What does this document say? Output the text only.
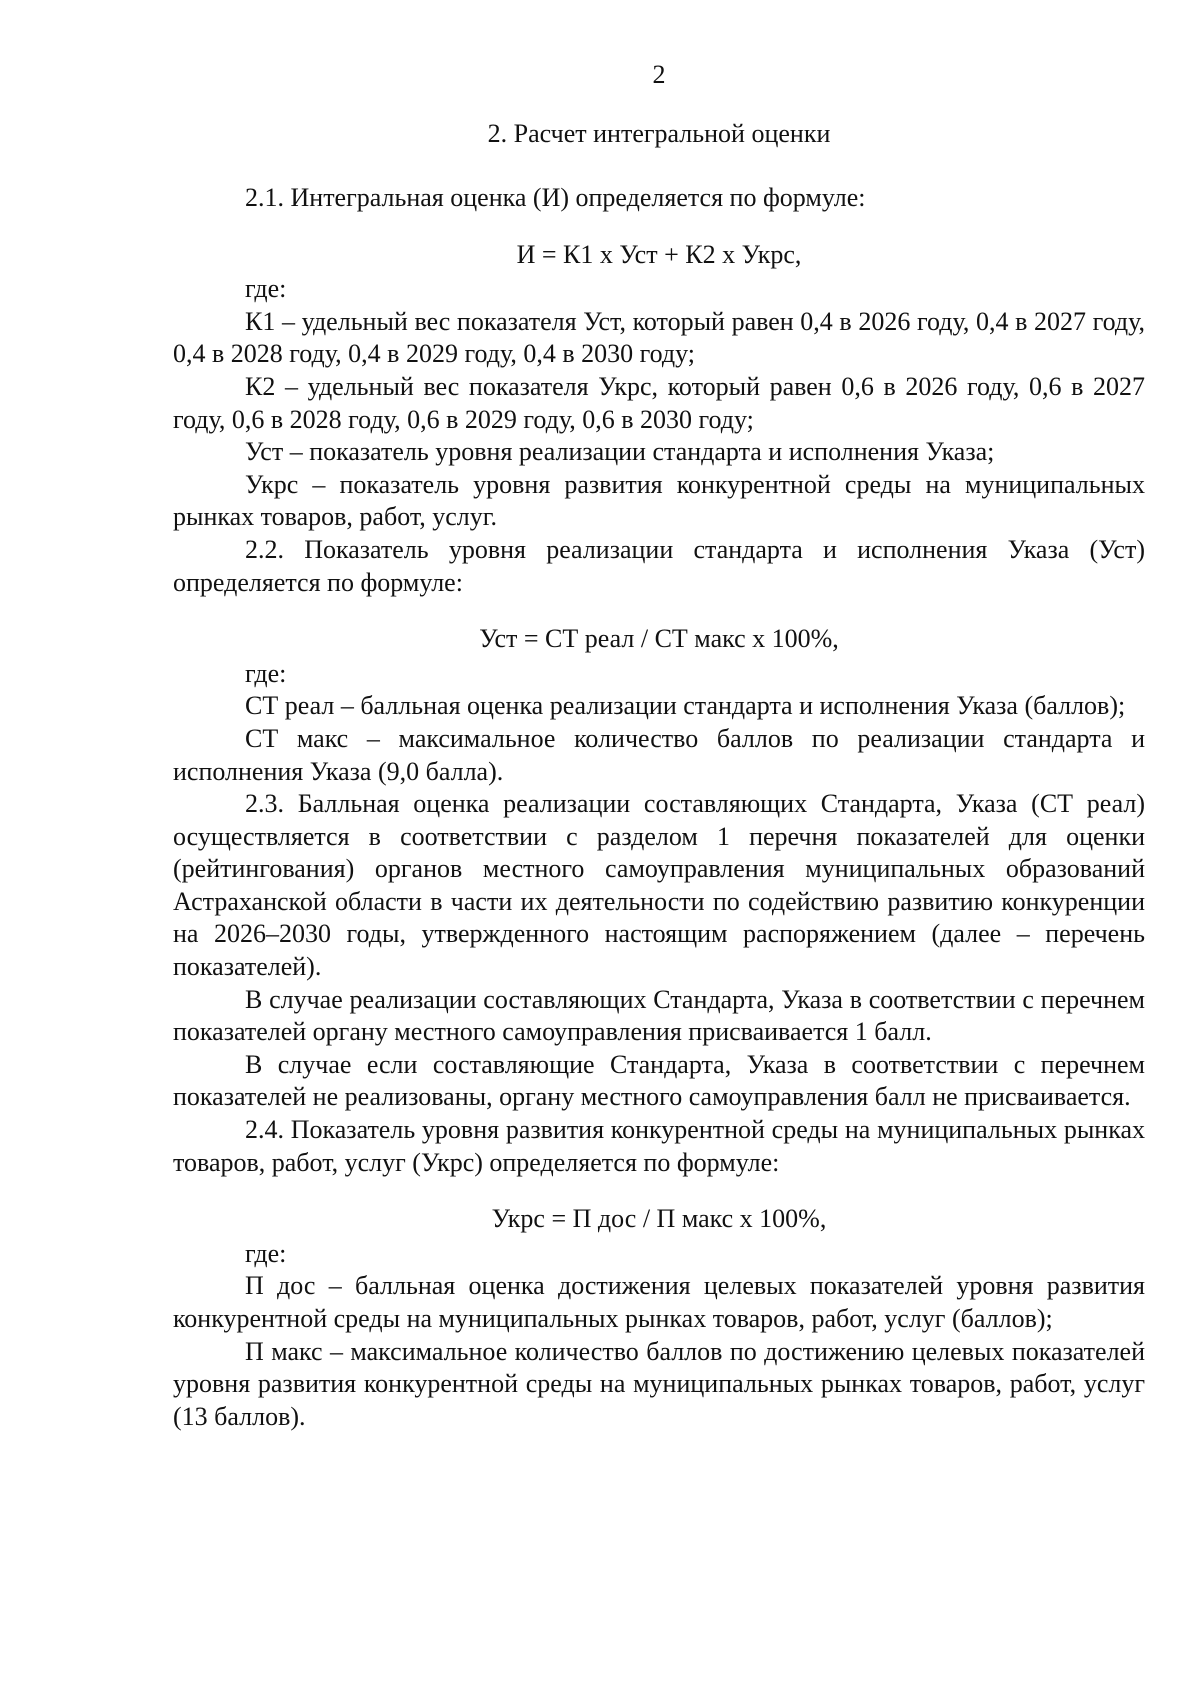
2
2. Расчет интегральной оценки

2.1. Интегральная оценка (И) определяется по формуле:

И = К1 х Уст + К2 х Укрс,

где:

К1 – удельный вес показателя Уст, который равен 0,4 в 2026 году, 0,4 в 2027 году, 0,4 в 2028 году, 0,4 в 2029 году, 0,4 в 2030 году;

К2 – удельный вес показателя Укрс, который равен 0,6 в 2026 году, 0,6 в 2027 году, 0,6 в 2028 году, 0,6 в 2029 году, 0,6 в 2030 году;

Уст – показатель уровня реализации стандарта и исполнения Указа;

Укрс – показатель уровня развития конкурентной среды на муниципальных рынках товаров, работ, услуг.

2.2. Показатель уровня реализации стандарта и исполнения Указа (Уст) определяется по формуле:

Уст = СТ реал / СТ макс х 100%,

где:

СТ реал – балльная оценка реализации стандарта и исполнения Указа (баллов);

СТ макс – максимальное количество баллов по реализации стандарта и исполнения Указа (9,0 балла).

2.3. Балльная оценка реализации составляющих Стандарта, Указа (СТ реал) осуществляется в соответствии с разделом 1 перечня показателей для оценки (рейтингования) органов местного самоуправления муниципальных образований Астраханской области в части их деятельности по содействию развитию конкуренции на 2026–2030 годы, утвержденного настоящим распоряжением (далее – перечень показателей).

В случае реализации составляющих Стандарта, Указа в соответствии с перечнем показателей органу местного самоуправления присваивается 1 балл.

В случае если составляющие Стандарта, Указа в соответствии с перечнем показателей не реализованы, органу местного самоуправления балл не присваивается.

2.4. Показатель уровня развития конкурентной среды на муниципальных рынках товаров, работ, услуг (Укрс) определяется по формуле:

Укрс = П дос / П макс х 100%,

где:

П дос – балльная оценка достижения целевых показателей уровня развития конкурентной среды на муниципальных рынках товаров, работ, услуг (баллов);

П макс – максимальное количество баллов по достижению целевых показателей уровня развития конкурентной среды на муниципальных рынках товаров, работ, услуг (13 баллов).
